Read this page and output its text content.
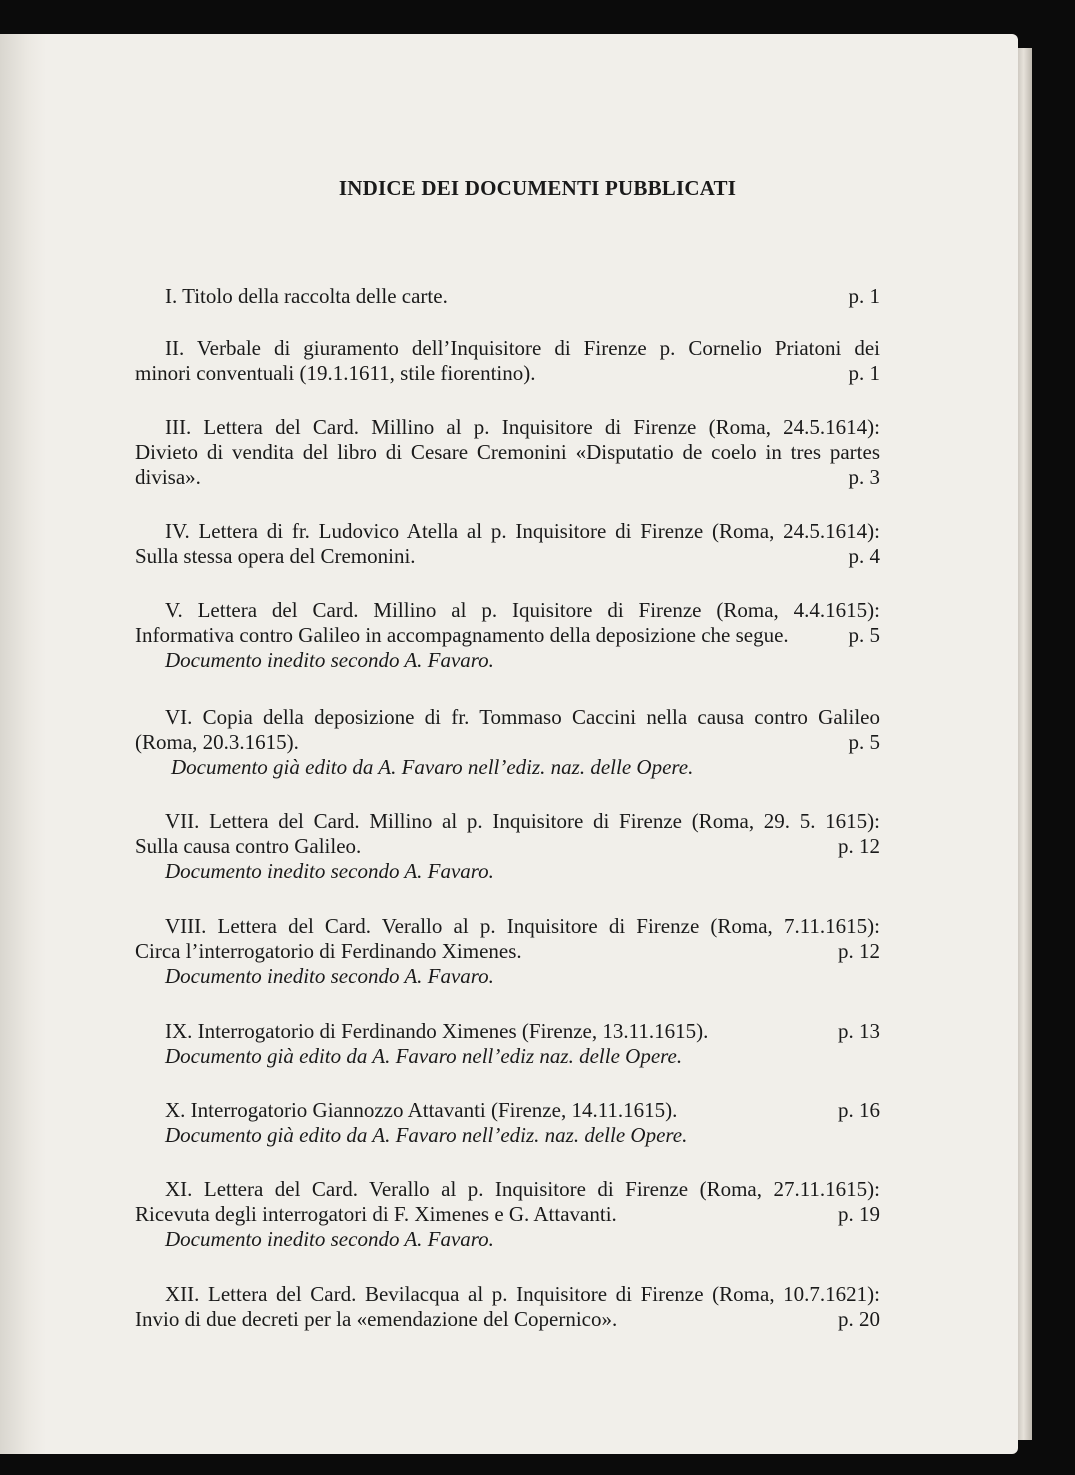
INDICE DEI DOCUMENTI PUBBLICATI
I. Titolo della raccolta delle carte.	p. 1
II. Verbale di giuramento dell’Inquisitore di Firenze p. Cornelio Priatoni dei
minori conventuali (19.1.1611, stile fiorentino).	p. 1
III. Lettera del Card. Millino al p. Inquisitore di Firenze (Roma, 24.5.1614):
Divieto di vendita del libro di Cesare Cremonini «Disputatio de coelo in tres partes
divisa».	p. 3
IV. Lettera di fr. Ludovico Atella al p. Inquisitore di Firenze (Roma, 24.5.1614):
Sulla stessa opera del Cremonini.	p. 4
V. Lettera del Card. Millino al p. Iquisitore di Firenze (Roma, 4.4.1615):
Informativa contro Galileo in accompagnamento della deposizione che segue.	p. 5
Documento inedito secondo A. Favaro.
VI. Copia della deposizione di fr. Tommaso Caccini nella causa contro Galileo
(Roma, 20.3.1615).	p. 5
Documento già edito da A. Favaro nell’ediz. naz. delle Opere.
VII. Lettera del Card. Millino al p. Inquisitore di Firenze (Roma, 29. 5. 1615):
Sulla causa contro Galileo.	p. 12
Documento inedito secondo A. Favaro.
VIII. Lettera del Card. Verallo al p. Inquisitore di Firenze (Roma, 7.11.1615):
Circa l’interrogatorio di Ferdinando Ximenes.	p. 12
Documento inedito secondo A. Favaro.
IX. Interrogatorio di Ferdinando Ximenes (Firenze, 13.11.1615).	p. 13
Documento già edito da A. Favaro nell’ediz naz. delle Opere.
X. Interrogatorio Giannozzo Attavanti (Firenze, 14.11.1615).	p. 16
Documento già edito da A. Favaro nell’ediz. naz. delle Opere.
XI. Lettera del Card. Verallo al p. Inquisitore di Firenze (Roma, 27.11.1615):
Ricevuta degli interrogatori di F. Ximenes e G. Attavanti.	p. 19
Documento inedito secondo A. Favaro.
XII. Lettera del Card. Bevilacqua al p. Inquisitore di Firenze (Roma, 10.7.1621):
Invio di due decreti per la «emendazione del Copernico».	p. 20
